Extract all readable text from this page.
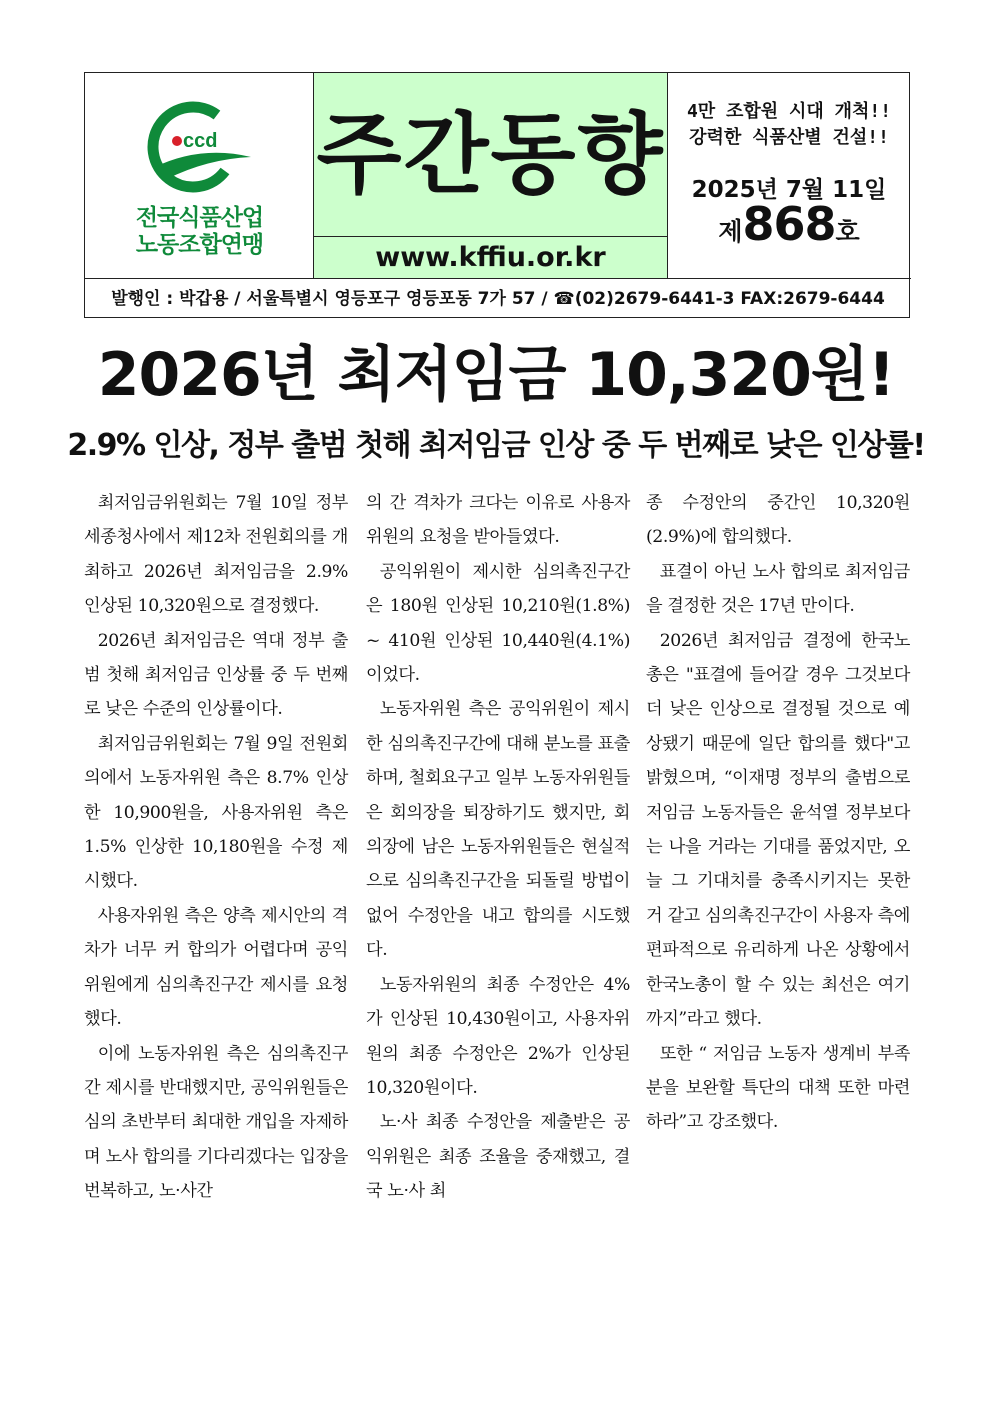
ccd
전국식품산업
노동조합연맹
주간동향
www.kffiu.or.kr
4만 조합원 시대 개척!!
강력한 식품산별 건설!!
2025년 7월 11일
제868호
발행인 : 박갑용 / 서울특별시 영등포구 영등포동 7가 57 / ☎(02)2679-6441-3 FAX:2679-6444
2026년 최저임금 10,320원!
2.9% 인상, 정부 출범 첫해 최저임금 인상 중 두 번째로 낮은 인상률!

최저임금위원회는 7월 10일 정부세종청사에서 제12차 전원회의를 개최하고 2026년 최저임금을 2.9% 인상된 10,320원으로 결정했다.

2026년 최저임금은 역대 정부 출범 첫해 최저임금 인상률 중 두 번째로 낮은 수준의 인상률이다.

최저임금위원회는 7월 9일 전원회의에서 노동자위원 측은 8.7% 인상한 10,900원을, 사용자위원 측은 1.5% 인상한 10,180원을 수정 제시했다.

사용자위원 측은 양측 제시안의 격차가 너무 커 합의가 어렵다며 공익위원에게 심의촉진구간 제시를 요청했다.

이에 노동자위원 측은 심의촉진구간 제시를 반대했지만, 공익위원들은 심의 초반부터 최대한 개입을 자제하며 노사 합의를 기다리겠다는 입장을 번복하고, 노·사간

의 간 격차가 크다는 이유로 사용자위원의 요청을 받아들였다.

공익위원이 제시한 심의촉진구간은 180원 인상된 10,210원(1.8%) ~ 410원 인상된 10,440원(4.1%) 이었다.

노동자위원 측은 공익위원이 제시한 심의촉진구간에 대해 분노를 표출하며, 철회요구고 일부 노동자위원들은 회의장을 퇴장하기도 했지만, 회의장에 남은 노동자위원들은 현실적으로 심의촉진구간을 되돌릴 방법이 없어 수정안을 내고 합의를 시도했다.

노동자위원의 최종 수정안은 4%가 인상된 10,430원이고, 사용자위원의 최종 수정안은 2%가 인상된 10,320원이다.

노·사 최종 수정안을 제출받은 공익위원은 최종 조율을 중재했고, 결국 노·사 최

종 수정안의 중간인 10,320원(2.9%)에 합의했다.

표결이 아닌 노사 합의로 최저임금을 결정한 것은 17년 만이다.

2026년 최저임금 결정에 한국노총은 "표결에 들어갈 경우 그것보다 더 낮은 인상으로 결정될 것으로 예상됐기 때문에 일단 합의를 했다"고 밝혔으며, “이재명 정부의 출범으로 저임금 노동자들은 윤석열 정부보다는 나을 거라는 기대를 품었지만, 오늘 그 기대치를 충족시키지는 못한 거 같고 심의촉진구간이 사용자 측에 편파적으로 유리하게 나온 상황에서 한국노총이 할 수 있는 최선은 여기까지”라고 했다.

또한 “ 저임금 노동자 생계비 부족분을 보완할 특단의 대책 또한 마련하라”고 강조했다.
